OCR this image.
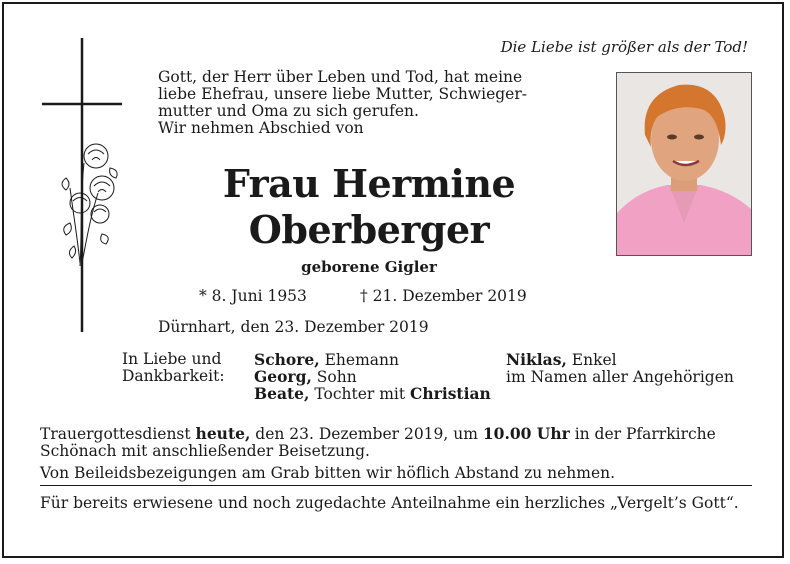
Die Liebe ist größer als der Tod!
Gott, der Herr über Leben und Tod, hat meine
liebe Ehefrau, unsere liebe Mutter, Schwieger-
mutter und Oma zu sich gerufen.
Wir nehmen Abschied von
Frau Hermine
Oberberger
geborene Gigler
* 8. Juni 1953	† 21. Dezember 2019
Dürnhart, den 23. Dezember 2019
In Liebe und
Dankbarkeit:
Schore, Ehemann
Georg, Sohn
Beate, Tochter mit Christian
Niklas, Enkel
im Namen aller Angehörigen
Trauergottesdienst heute, den 23. Dezember 2019, um 10.00 Uhr in der Pfarrkirche Schönach mit anschließender Beisetzung.
Von Beileidsbezeigungen am Grab bitten wir höflich Abstand zu nehmen.
Für bereits erwiesene und noch zugedachte Anteilnahme ein herzliches „Vergelt’s Gott“.
